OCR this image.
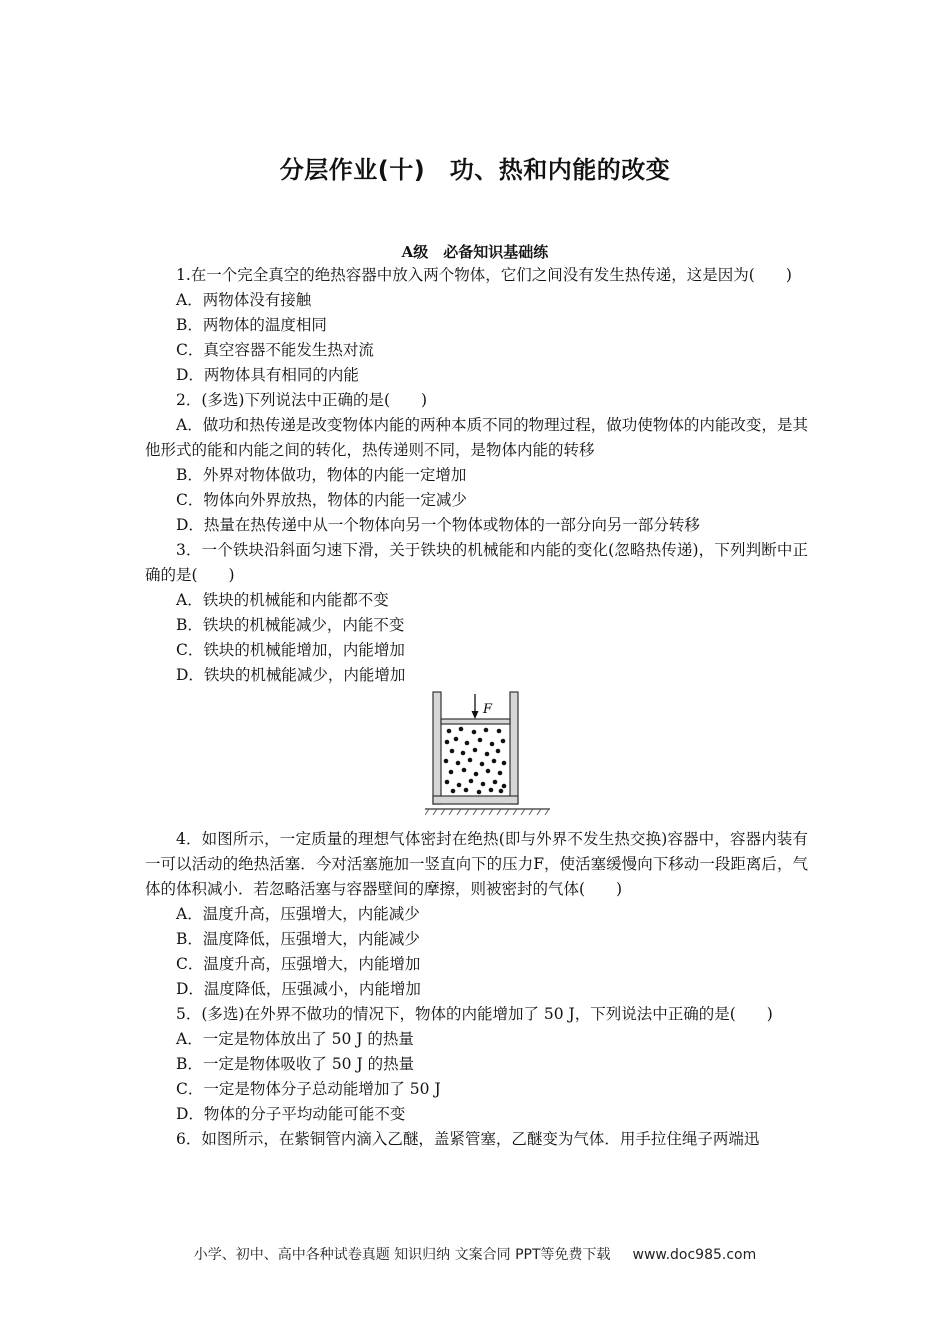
分层作业(十)　功、热和内能的改变
A级　必备知识基础练

1.在一个完全真空的绝热容器中放入两个物体，它们之间没有发生热传递，这是因为(　　)

A．两物体没有接触

B．两物体的温度相同

C．真空容器不能发生热对流

D．两物体具有相同的内能

2．(多选)下列说法中正确的是(　　)

A．做功和热传递是改变物体内能的两种本质不同的物理过程，做功使物体的内能改变，是其他形式的能和内能之间的转化，热传递则不同，是物体内能的转移

B．外界对物体做功，物体的内能一定增加

C．物体向外界放热，物体的内能一定减少

D．热量在热传递中从一个物体向另一个物体或物体的一部分向另一部分转移

3．一个铁块沿斜面匀速下滑，关于铁块的机械能和内能的变化(忽略热传递)，下列判断中正确的是(　　)

A．铁块的机械能和内能都不变

B．铁块的机械能减少，内能不变

C．铁块的机械能增加，内能增加

D．铁块的机械能减少，内能增加

F

4．如图所示，一定质量的理想气体密封在绝热(即与外界不发生热交换)容器中，容器内装有一可以活动的绝热活塞．今对活塞施加一竖直向下的压力F，使活塞缓慢向下移动一段距离后，气体的体积减小．若忽略活塞与容器壁间的摩擦，则被密封的气体(　　)

A．温度升高，压强增大，内能减少

B．温度降低，压强增大，内能减少

C．温度升高，压强增大，内能增加

D．温度降低，压强减小，内能增加

5．(多选)在外界不做功的情况下，物体的内能增加了 50 J，下列说法中正确的是(　　)

A．一定是物体放出了 50 J 的热量

B．一定是物体吸收了 50 J 的热量

C．一定是物体分子总动能增加了 50 J

D．物体的分子平均动能可能不变

6．如图所示，在紫铜管内滴入乙醚，盖紧管塞，乙醚变为气体．用手拉住绳子两端迅

小学、初中、高中各种试卷真题 知识归纳 文案合同 PPT等免费下载 www.doc985.com
